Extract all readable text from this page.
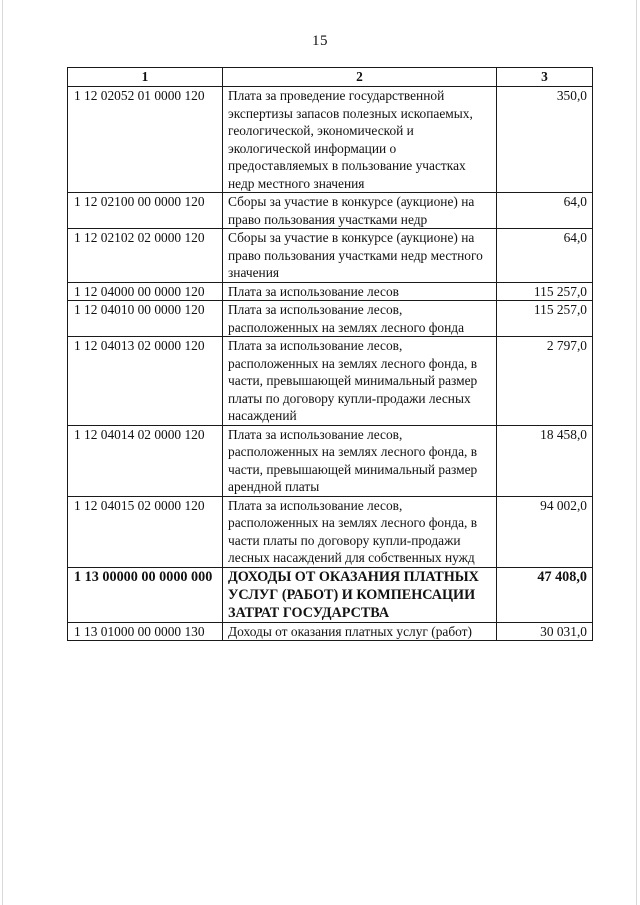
15
1	2	3
1 12 02052 01 0000 120	Плата за проведение государственной экспертизы запасов полезных ископаемых, геологической, экономической и экологической информации о предоставляемых в пользование участках недр местного значения	350,0
1 12 02100 00 0000 120	Сборы за участие в конкурсе (аукционе) на право пользования участками недр	64,0
1 12 02102 02 0000 120	Сборы за участие в конкурсе (аукционе) на право пользования участками недр местного значения	64,0
1 12 04000 00 0000 120	Плата за использование лесов	115 257,0
1 12 04010 00 0000 120	Плата за использование лесов, расположенных на землях лесного фонда	115 257,0
1 12 04013 02 0000 120	Плата за использование лесов, расположенных на землях лесного фонда, в части, превышающей минимальный размер платы по договору купли-продажи лесных насаждений	2 797,0
1 12 04014 02 0000 120	Плата за использование лесов, расположенных на землях лесного фонда, в части, превышающей минимальный размер арендной платы	18 458,0
1 12 04015 02 0000 120	Плата за использование лесов, расположенных на землях лесного фонда, в части платы по договору купли-продажи лесных насаждений для собственных нужд	94 002,0
1 13 00000 00 0000 000	ДОХОДЫ ОТ ОКАЗАНИЯ ПЛАТНЫХ УСЛУГ (РАБОТ) И КОМПЕНСАЦИИ ЗАТРАТ ГОСУДАРСТВА	47 408,0
1 13 01000 00 0000 130	Доходы от оказания платных услуг (работ)	30 031,0
